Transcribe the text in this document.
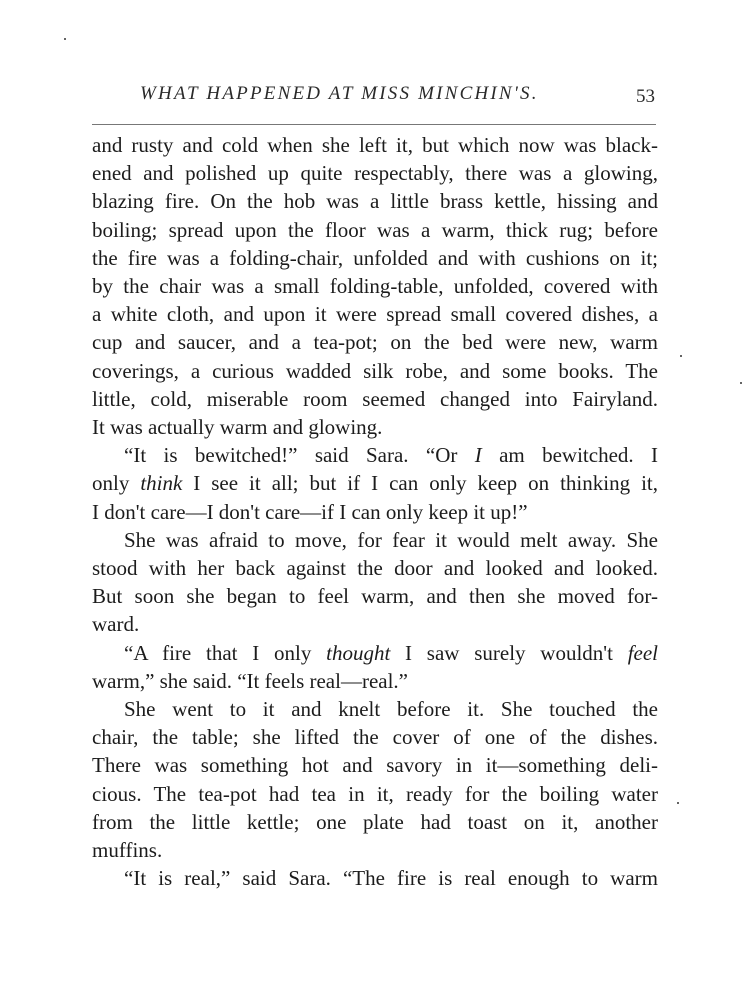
WHAT HAPPENED AT MISS MINCHIN'S.	53
and rusty and cold when she left it, but which now was black-
ened and polished up quite respectably, there was a glowing,
blazing fire. On the hob was a little brass kettle, hissing and
boiling; spread upon the floor was a warm, thick rug; before
the fire was a folding-chair, unfolded and with cushions on it;
by the chair was a small folding-table, unfolded, covered with
a white cloth, and upon it were spread small covered dishes, a
cup and saucer, and a tea-pot; on the bed were new, warm
coverings, a curious wadded silk robe, and some books. The
little, cold, miserable room seemed changed into Fairyland.
It was actually warm and glowing.
“It is bewitched!” said Sara. “Or I am bewitched. I
only think I see it all; but if I can only keep on thinking it,
I don't care—I don't care—if I can only keep it up!”
She was afraid to move, for fear it would melt away. She
stood with her back against the door and looked and looked.
But soon she began to feel warm, and then she moved for-
ward.
“A fire that I only thought I saw surely wouldn't feel
warm,” she said. “It feels real—real.”
She went to it and knelt before it. She touched the
chair, the table; she lifted the cover of one of the dishes.
There was something hot and savory in it—something deli-
cious. The tea-pot had tea in it, ready for the boiling water
from the little kettle; one plate had toast on it, another
muffins.
“It is real,” said Sara. “The fire is real enough to warm
